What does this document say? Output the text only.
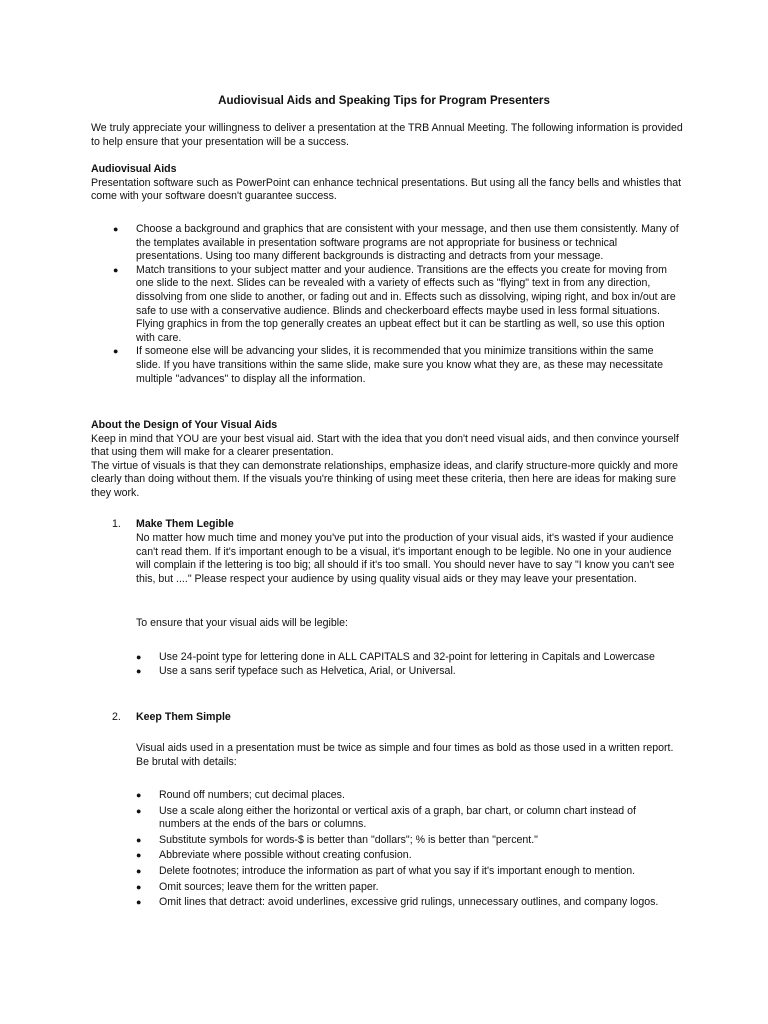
Audiovisual Aids and Speaking Tips for Program Presenters

We truly appreciate your willingness to deliver a presentation at the TRB Annual Meeting. The following information is provided to help ensure that your presentation will be a success.

Audiovisual Aids
Presentation software such as PowerPoint can enhance technical presentations. But using all the fancy bells and whistles that come with your software doesn't guarantee success.
● Choose a background and graphics that are consistent with your message, and then use them consistently. Many of the templates available in presentation software programs are not appropriate for business or technical presentations. Using too many different backgrounds is distracting and detracts from your message.
● Match transitions to your subject matter and your audience. Transitions are the effects you create for moving from one slide to the next. Slides can be revealed with a variety of effects such as "flying" text in from any direction, dissolving from one slide to another, or fading out and in. Effects such as dissolving, wiping right, and box in/out are safe to use with a conservative audience. Blinds and checkerboard effects maybe used in less formal situations. Flying graphics in from the top generally creates an upbeat effect but it can be startling as well, so use this option with care.
● If someone else will be advancing your slides, it is recommended that you minimize transitions within the same slide. If you have transitions within the same slide, make sure you know what they are, as these may necessitate multiple "advances" to display all the information.
About the Design of Your Visual Aids
Keep in mind that YOU are your best visual aid. Start with the idea that you don't need visual aids, and then convince yourself that using them will make for a clearer presentation.
The virtue of visuals is that they can demonstrate relationships, emphasize ideas, and clarify structure-more quickly and more clearly than doing without them. If the visuals you're thinking of using meet these criteria, then here are ideas for making sure they work.
1. Make Them Legible

No matter how much time and money you've put into the production of your visual aids, it's wasted if your audience can't read them. If it's important enough to be a visual, it's important enough to be legible. No one in your audience will complain if the lettering is too big; all should if it's too small. You should never have to say "I know you can't see this, but ...." Please respect your audience by using quality visual aids or they may leave your presentation.

To ensure that your visual aids will be legible:

● Use 24-point type for lettering done in ALL CAPITALS and 32-point for lettering in Capitals and Lowercase
● Use a sans serif typeface such as Helvetica, Arial, or Universal.
2. Keep Them Simple

Visual aids used in a presentation must be twice as simple and four times as bold as those used in a written report. Be brutal with details:

● Round off numbers; cut decimal places.
● Use a scale along either the horizontal or vertical axis of a graph, bar chart, or column chart instead of numbers at the ends of the bars or columns.
● Substitute symbols for words-$ is better than "dollars"; % is better than "percent."
● Abbreviate where possible without creating confusion.
● Delete footnotes; introduce the information as part of what you say if it's important enough to mention.
● Omit sources; leave them for the written paper.
● Omit lines that detract: avoid underlines, excessive grid rulings, unnecessary outlines, and company logos.
